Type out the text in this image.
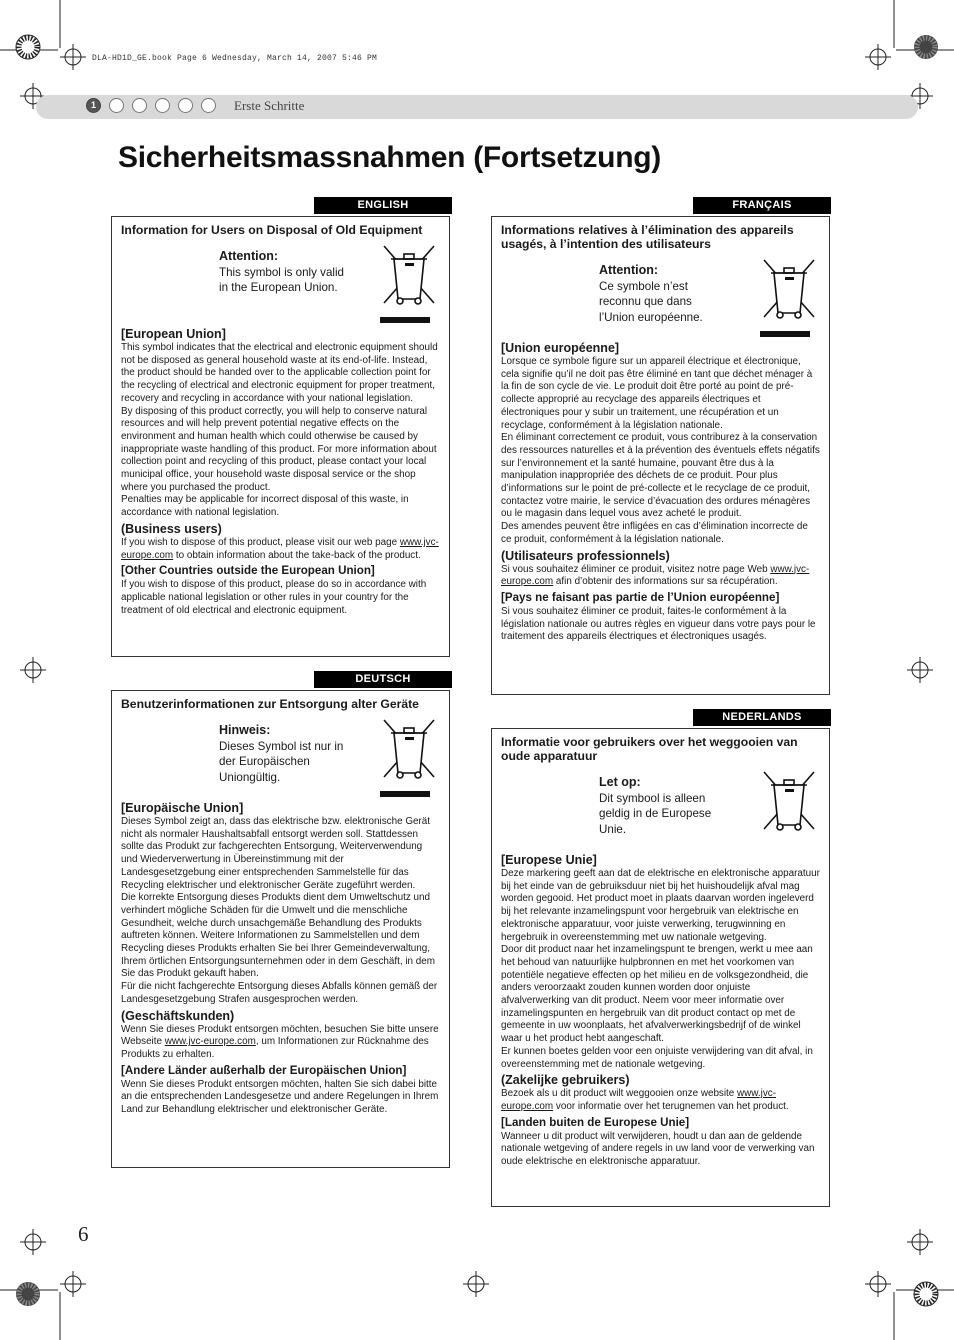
DLA-HD1D_GE.book Page 6 Wednesday, March 14, 2007 5:46 PM
1	Erste Schritte
Sicherheitsmassnahmen (Fortsetzung)
ENGLISH
Information for Users on Disposal of Old Equipment
Attention:
This symbol is only valid in the European Union.
[European Union]

This symbol indicates that the electrical and electronic equipment should not be disposed as general household waste at its end-of-life. Instead, the product should be handed over to the applicable collection point for the recycling of electrical and electronic equipment for proper treatment, recovery and recycling in accordance with your national legislation.

By disposing of this product correctly, you will help to conserve natural resources and will help prevent potential negative effects on the environment and human health which could otherwise be caused by inappropriate waste handling of this product. For more information about collection point and recycling of this product, please contact your local municipal office, your household waste disposal service or the shop where you purchased the product.

Penalties may be applicable for incorrect disposal of this waste, in accordance with national legislation.

(Business users)

If you wish to dispose of this product, please visit our web page www.jvc-europe.com to obtain information about the take-back of the product.

[Other Countries outside the European Union]

If you wish to dispose of this product, please do so in accordance with applicable national legislation or other rules in your country for the treatment of old electrical and electronic equipment.

DEUTSCH
Benutzerinformationen zur Entsorgung alter Geräte
Hinweis:
Dieses Symbol ist nur in der Europäischen Uniongültig.
[Europäische Union]

Dieses Symbol zeigt an, dass das elektrische bzw. elektronische Gerät nicht als normaler Haushaltsabfall entsorgt werden soll. Stattdessen sollte das Produkt zur fachgerechten Entsorgung, Weiterverwendung und Wiederverwertung in Übereinstimmung mit der Landesgesetzgebung einer entsprechenden Sammelstelle für das Recycling elektrischer und elektronischer Geräte zugeführt werden.

Die korrekte Entsorgung dieses Produkts dient dem Umweltschutz und verhindert mögliche Schäden für die Umwelt und die menschliche Gesundheit, welche durch unsachgemäße Behandlung des Produkts auftreten können. Weitere Informationen zu Sammelstellen und dem Recycling dieses Produkts erhalten Sie bei Ihrer Gemeindeverwaltung, Ihrem örtlichen Entsorgungsunternehmen oder in dem Geschäft, in dem Sie das Produkt gekauft haben.

Für die nicht fachgerechte Entsorgung dieses Abfalls können gemäß der Landesgesetzgebung Strafen ausgesprochen werden.

(Geschäftskunden)

Wenn Sie dieses Produkt entsorgen möchten, besuchen Sie bitte unsere Webseite www.jvc-europe.com, um Informationen zur Rücknahme des Produkts zu erhalten.

[Andere Länder außerhalb der Europäischen Union]

Wenn Sie dieses Produkt entsorgen möchten, halten Sie sich dabei bitte an die entsprechenden Landesgesetze und andere Regelungen in Ihrem Land zur Behandlung elektrischer und elektronischer Geräte.

FRANÇAIS
Informations relatives à l’élimination des appareils usagés, à l’intention des utilisateurs
Attention:
Ce symbole n’est reconnu que dans l’Union européenne.
[Union européenne]

Lorsque ce symbole figure sur un appareil électrique et électronique, cela signifie qu’il ne doit pas être éliminé en tant que déchet ménager à la fin de son cycle de vie. Le produit doit être porté au point de pré-collecte approprié au recyclage des appareils électriques et électroniques pour y subir un traitement, une récupération et un recyclage, conformément à la législation nationale.

En éliminant correctement ce produit, vous contriburez à la conservation des ressources naturelles et à la prévention des éventuels effets négatifs sur l’environnement et la santé humaine, pouvant être dus à la manipulation inappropriée des déchets de ce produit. Pour plus d’informations sur le point de pré-collecte et le recyclage de ce produit, contactez votre mairie, le service d’évacuation des ordures ménagères ou le magasin dans lequel vous avez acheté le produit.

Des amendes peuvent être infligées en cas d’élimination incorrecte de ce produit, conformément à la législation nationale.

(Utilisateurs professionnels)

Si vous souhaitez éliminer ce produit, visitez notre page Web www.jvc-europe.com afin d’obtenir des informations sur sa récupération.

[Pays ne faisant pas partie de l’Union européenne]

Si vous souhaitez éliminer ce produit, faites-le conformément à la législation nationale ou autres règles en vigueur dans votre pays pour le traitement des appareils électriques et électroniques usagés.

NEDERLANDS
Informatie voor gebruikers over het weggooien van oude apparatuur
Let op:
Dit symbool is alleen geldig in de Europese Unie.
[Europese Unie]

Deze markering geeft aan dat de elektrische en elektronische apparatuur bij het einde van de gebruiksduur niet bij het huishoudelijk afval mag worden gegooid. Het product moet in plaats daarvan worden ingeleverd bij het relevante inzamelingspunt voor hergebruik van elektrische en elektronische apparatuur, voor juiste verwerking, terugwinning en hergebruik in overeenstemming met uw nationale wetgeving.

Door dit product naar het inzamelingspunt te brengen, werkt u mee aan het behoud van natuurlijke hulpbronnen en met het voorkomen van potentiële negatieve effecten op het milieu en de volksgezondheid, die anders veroorzaakt zouden kunnen worden door onjuiste afvalverwerking van dit product. Neem voor meer informatie over inzamelingspunten en hergebruik van dit product contact op met de gemeente in uw woonplaats, het afvalverwerkingsbedrijf of de winkel waar u het product hebt aangeschaft.

Er kunnen boetes gelden voor een onjuiste verwijdering van dit afval, in overeenstemming met de nationale wetgeving.

(Zakelijke gebruikers)

Bezoek als u dit product wilt weggooien onze website www.jvc-europe.com voor informatie over het terugnemen van het product.

[Landen buiten de Europese Unie]

Wanneer u dit product wilt verwijderen, houdt u dan aan de geldende nationale wetgeving of andere regels in uw land voor de verwerking van oude elektrische en elektronische apparatuur.

6
